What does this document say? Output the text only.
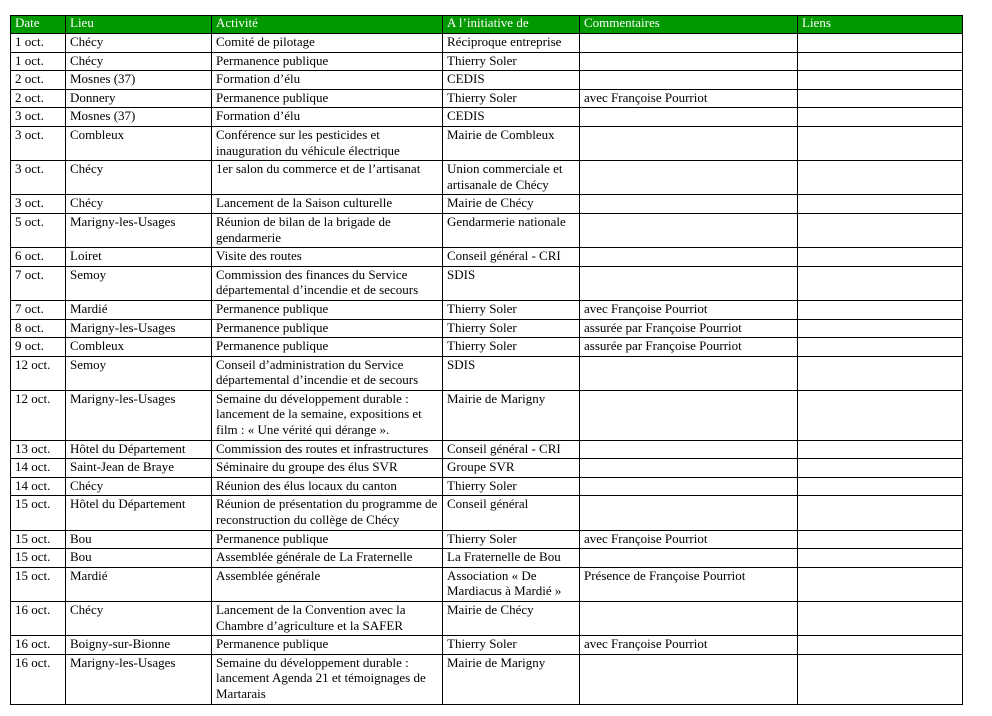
Date	Lieu	Activité	A l’initiative de	Commentaires	Liens
1 oct.	Chécy	Comité de pilotage	Réciproque entreprise		
1 oct.	Chécy	Permanence publique	Thierry Soler		
2 oct.	Mosnes (37)	Formation d’élu	CEDIS		
2 oct.	Donnery	Permanence publique	Thierry Soler	avec Françoise Pourriot	
3 oct.	Mosnes (37)	Formation d’élu	CEDIS		
3 oct.	Combleux	Conférence sur les pesticides et inauguration du véhicule électrique	Mairie de Combleux		
3 oct.	Chécy	1er salon du commerce et de l’artisanat	Union commerciale et artisanale de Chécy		
3 oct.	Chécy	Lancement de la Saison culturelle	Mairie de Chécy		
5 oct.	Marigny-les-Usages	Réunion de bilan de la brigade de gendarmerie	Gendarmerie nationale		
6 oct.	Loiret	Visite des routes	Conseil général - CRI		
7 oct.	Semoy	Commission des finances du Service départemental d’incendie et de secours	SDIS		
7 oct.	Mardié	Permanence publique	Thierry Soler	avec Françoise Pourriot	
8 oct.	Marigny-les-Usages	Permanence publique	Thierry Soler	assurée par Françoise Pourriot	
9 oct.	Combleux	Permanence publique	Thierry Soler	assurée par Françoise Pourriot	
12 oct.	Semoy	Conseil d’administration du Service départemental d’incendie et de secours	SDIS		
12 oct.	Marigny-les-Usages	Semaine du développement durable : lancement de la semaine, expositions et film : « Une vérité qui dérange ».	Mairie de Marigny		
13 oct.	Hôtel du Département	Commission des routes et infrastructures	Conseil général - CRI		
14 oct.	Saint-Jean de Braye	Séminaire du groupe des élus SVR	Groupe SVR		
14 oct.	Chécy	Réunion des élus locaux du canton	Thierry Soler		
15 oct.	Hôtel du Département	Réunion de présentation du programme de reconstruction du collège de Chécy	Conseil général		
15 oct.	Bou	Permanence publique	Thierry Soler	avec Françoise Pourriot	
15 oct.	Bou	Assemblée générale de La Fraternelle	La Fraternelle de Bou		
15 oct.	Mardié	Assemblée générale	Association « De Mardiacus à Mardié »	Présence de Françoise Pourriot	
16 oct.	Chécy	Lancement de la Convention avec la Chambre d’agriculture et la SAFER	Mairie de Chécy		
16 oct.	Boigny-sur-Bionne	Permanence publique	Thierry Soler	avec Françoise Pourriot	
16 oct.	Marigny-les-Usages	Semaine du développement durable : lancement Agenda 21 et témoignages de Martarais	Mairie de Marigny		
